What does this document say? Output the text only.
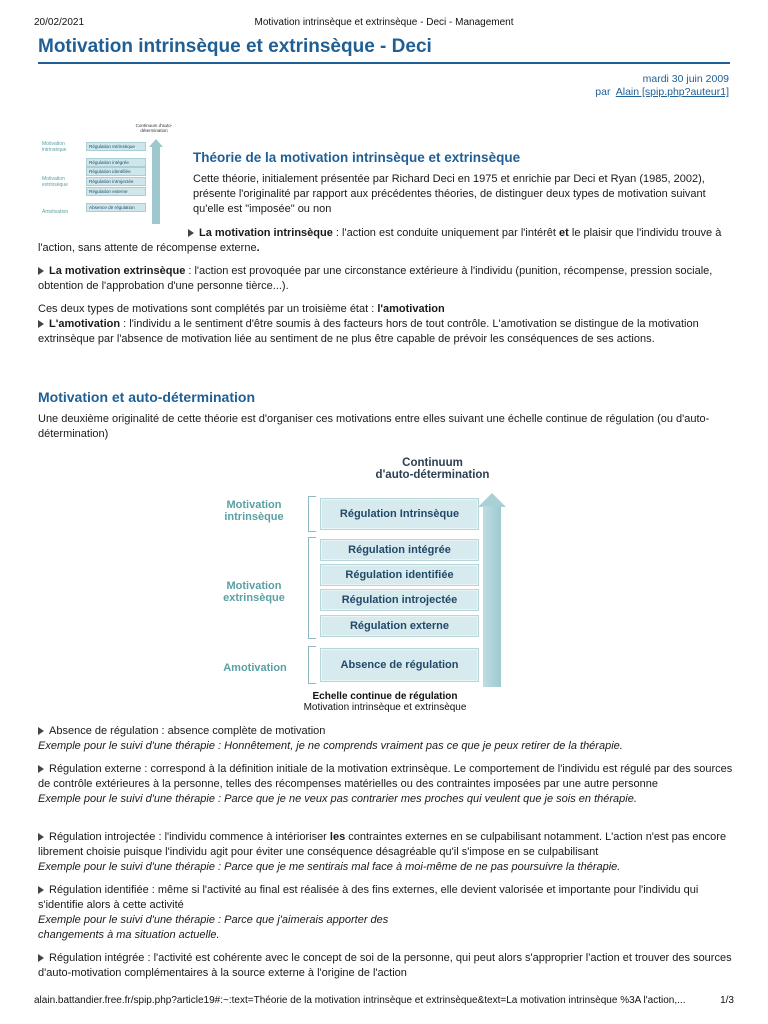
20/02/2021	Motivation intrinsèque et extrinsèque - Deci - Management
Motivation intrinsèque et extrinsèque - Deci
mardi 30 juin 2009
par Alain [spip.php?auteur1]
Continuum d'auto-détermination
Motivation intrinsèque
Motivation extrinsèque
Amotivation
Régulation Intrinsèque
Régulation intégrée
Régulation identifiée
Régulation introjectée
Régulation externe
Absence de régulation
Théorie de la motivation intrinsèque et extrinsèque

Cette théorie, initialement présentée par Richard Deci en 1975 et enrichie par Deci et Ryan (1985, 2002), présente l'originalité par rapport aux précédentes théories, de distinguer deux types de motivation suivant qu'elle est "imposée" ou non

La motivation intrinsèque : l'action est conduite uniquement par l'intérêt et le plaisir que l'individu trouve à l'action, sans attente de récompense externe.

La motivation extrinsèque : l'action est provoquée par une circonstance extérieure à l'individu (punition, récompense, pression sociale, obtention de l'approbation d'une personne tièrce...).

Ces deux types de motivations sont complétés par un troisième état : l'amotivation
L'amotivation : l'individu a le sentiment d'être soumis à des facteurs hors de tout contrôle. L'amotivation se distingue de la motivation extrinsèque par l'absence de motivation liée au sentiment de ne plus être capable de prévoir les conséquences de ses actions.

Motivation et auto-détermination

Une deuxième originalité de cette théorie est d'organiser ces motivations entre elles suivant une échelle continue de régulation (ou d'auto-détermination)

Continuum
d'auto-détermination
Motivation
intrinsèque
Motivation
extrinsèque
Amotivation
Régulation Intrinsèque
Régulation intégrée
Régulation identifiée
Régulation introjectée
Régulation externe
Absence de régulation
Echelle continue de régulation
Motivation intrinsèque et extrinsèque

Absence de régulation : absence complète de motivation
Exemple pour le suivi d'une thérapie : Honnêtement, je ne comprends vraiment pas ce que je peux retirer de la thérapie.

Régulation externe : correspond à la définition initiale de la motivation extrinsèque. Le comportement de l'individu est régulé par des sources de contrôle extérieures à la personne, telles des récompenses matérielles ou des contraintes imposées par une autre personne
Exemple pour le suivi d'une thérapie : Parce que je ne veux pas contrarier mes proches qui veulent que je sois en thérapie.

Régulation introjectée : l'individu commence à intérioriser les contraintes externes en se culpabilisant notamment. L'action n'est pas encore librement choisie puisque l'individu agit pour éviter une conséquence désagréable qu'il s'impose en se culpabilisant
Exemple pour le suivi d'une thérapie : Parce que je me sentirais mal face à moi-même de ne pas poursuivre la thérapie.

Régulation identifiée : même si l'activité au final est réalisée à des fins externes, elle devient valorisée et importante pour l'individu qui s'identifie alors à cette activité
Exemple pour le suivi d'une thérapie : Parce que j'aimerais apporter des
changements à ma situation actuelle.

Régulation intégrée : l'activité est cohérente avec le concept de soi de la personne, qui peut alors s'approprier l'action et trouver des sources d'auto-motivation complémentaires à la source externe à l'origine de l'action

alain.battandier.free.fr/spip.php?article19#:~:text=Théorie de la motivation intrinsèque et extrinsèque&text=La motivation intrinsèque %3A l'action,...	1/3
